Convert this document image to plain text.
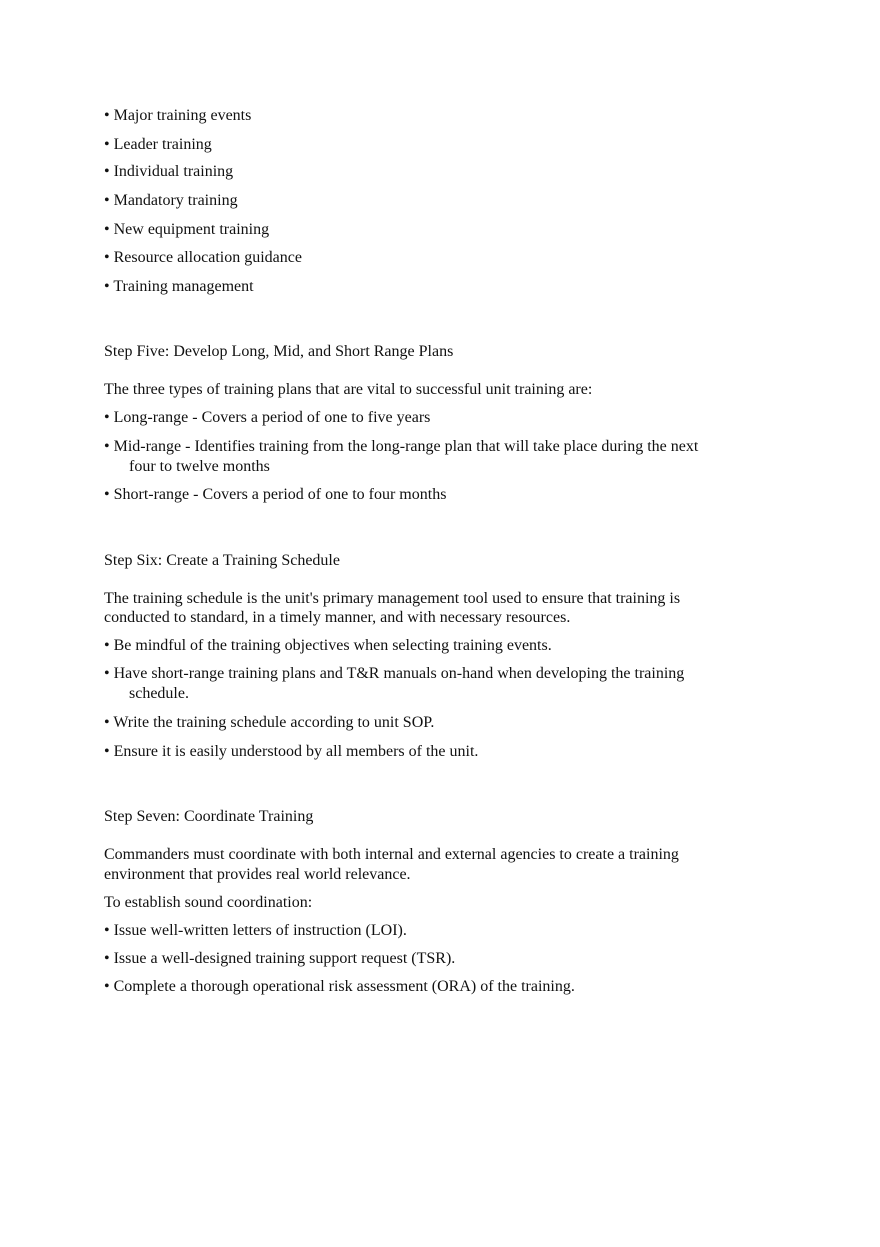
• Major training events

• Leader training

• Individual training

• Mandatory training

• New equipment training

• Resource allocation guidance

• Training management

Step Five: Develop Long, Mid, and Short Range Plans

The three types of training plans that are vital to successful unit training are:

• Long-range - Covers a period of one to five years

• Mid-range - Identifies training from the long-range plan that will take place during the next

four to twelve months

• Short-range - Covers a period of one to four months

Step Six: Create a Training Schedule

The training schedule is the unit's primary management tool used to ensure that training is

conducted to standard, in a timely manner, and with necessary resources.

• Be mindful of the training objectives when selecting training events.

• Have short-range training plans and T&R manuals on-hand when developing the training

schedule.

• Write the training schedule according to unit SOP.

• Ensure it is easily understood by all members of the unit.

Step Seven: Coordinate Training

Commanders must coordinate with both internal and external agencies to create a training

environment that provides real world relevance.

To establish sound coordination:

• Issue well-written letters of instruction (LOI).

• Issue a well-designed training support request (TSR).

• Complete a thorough operational risk assessment (ORA) of the training.
